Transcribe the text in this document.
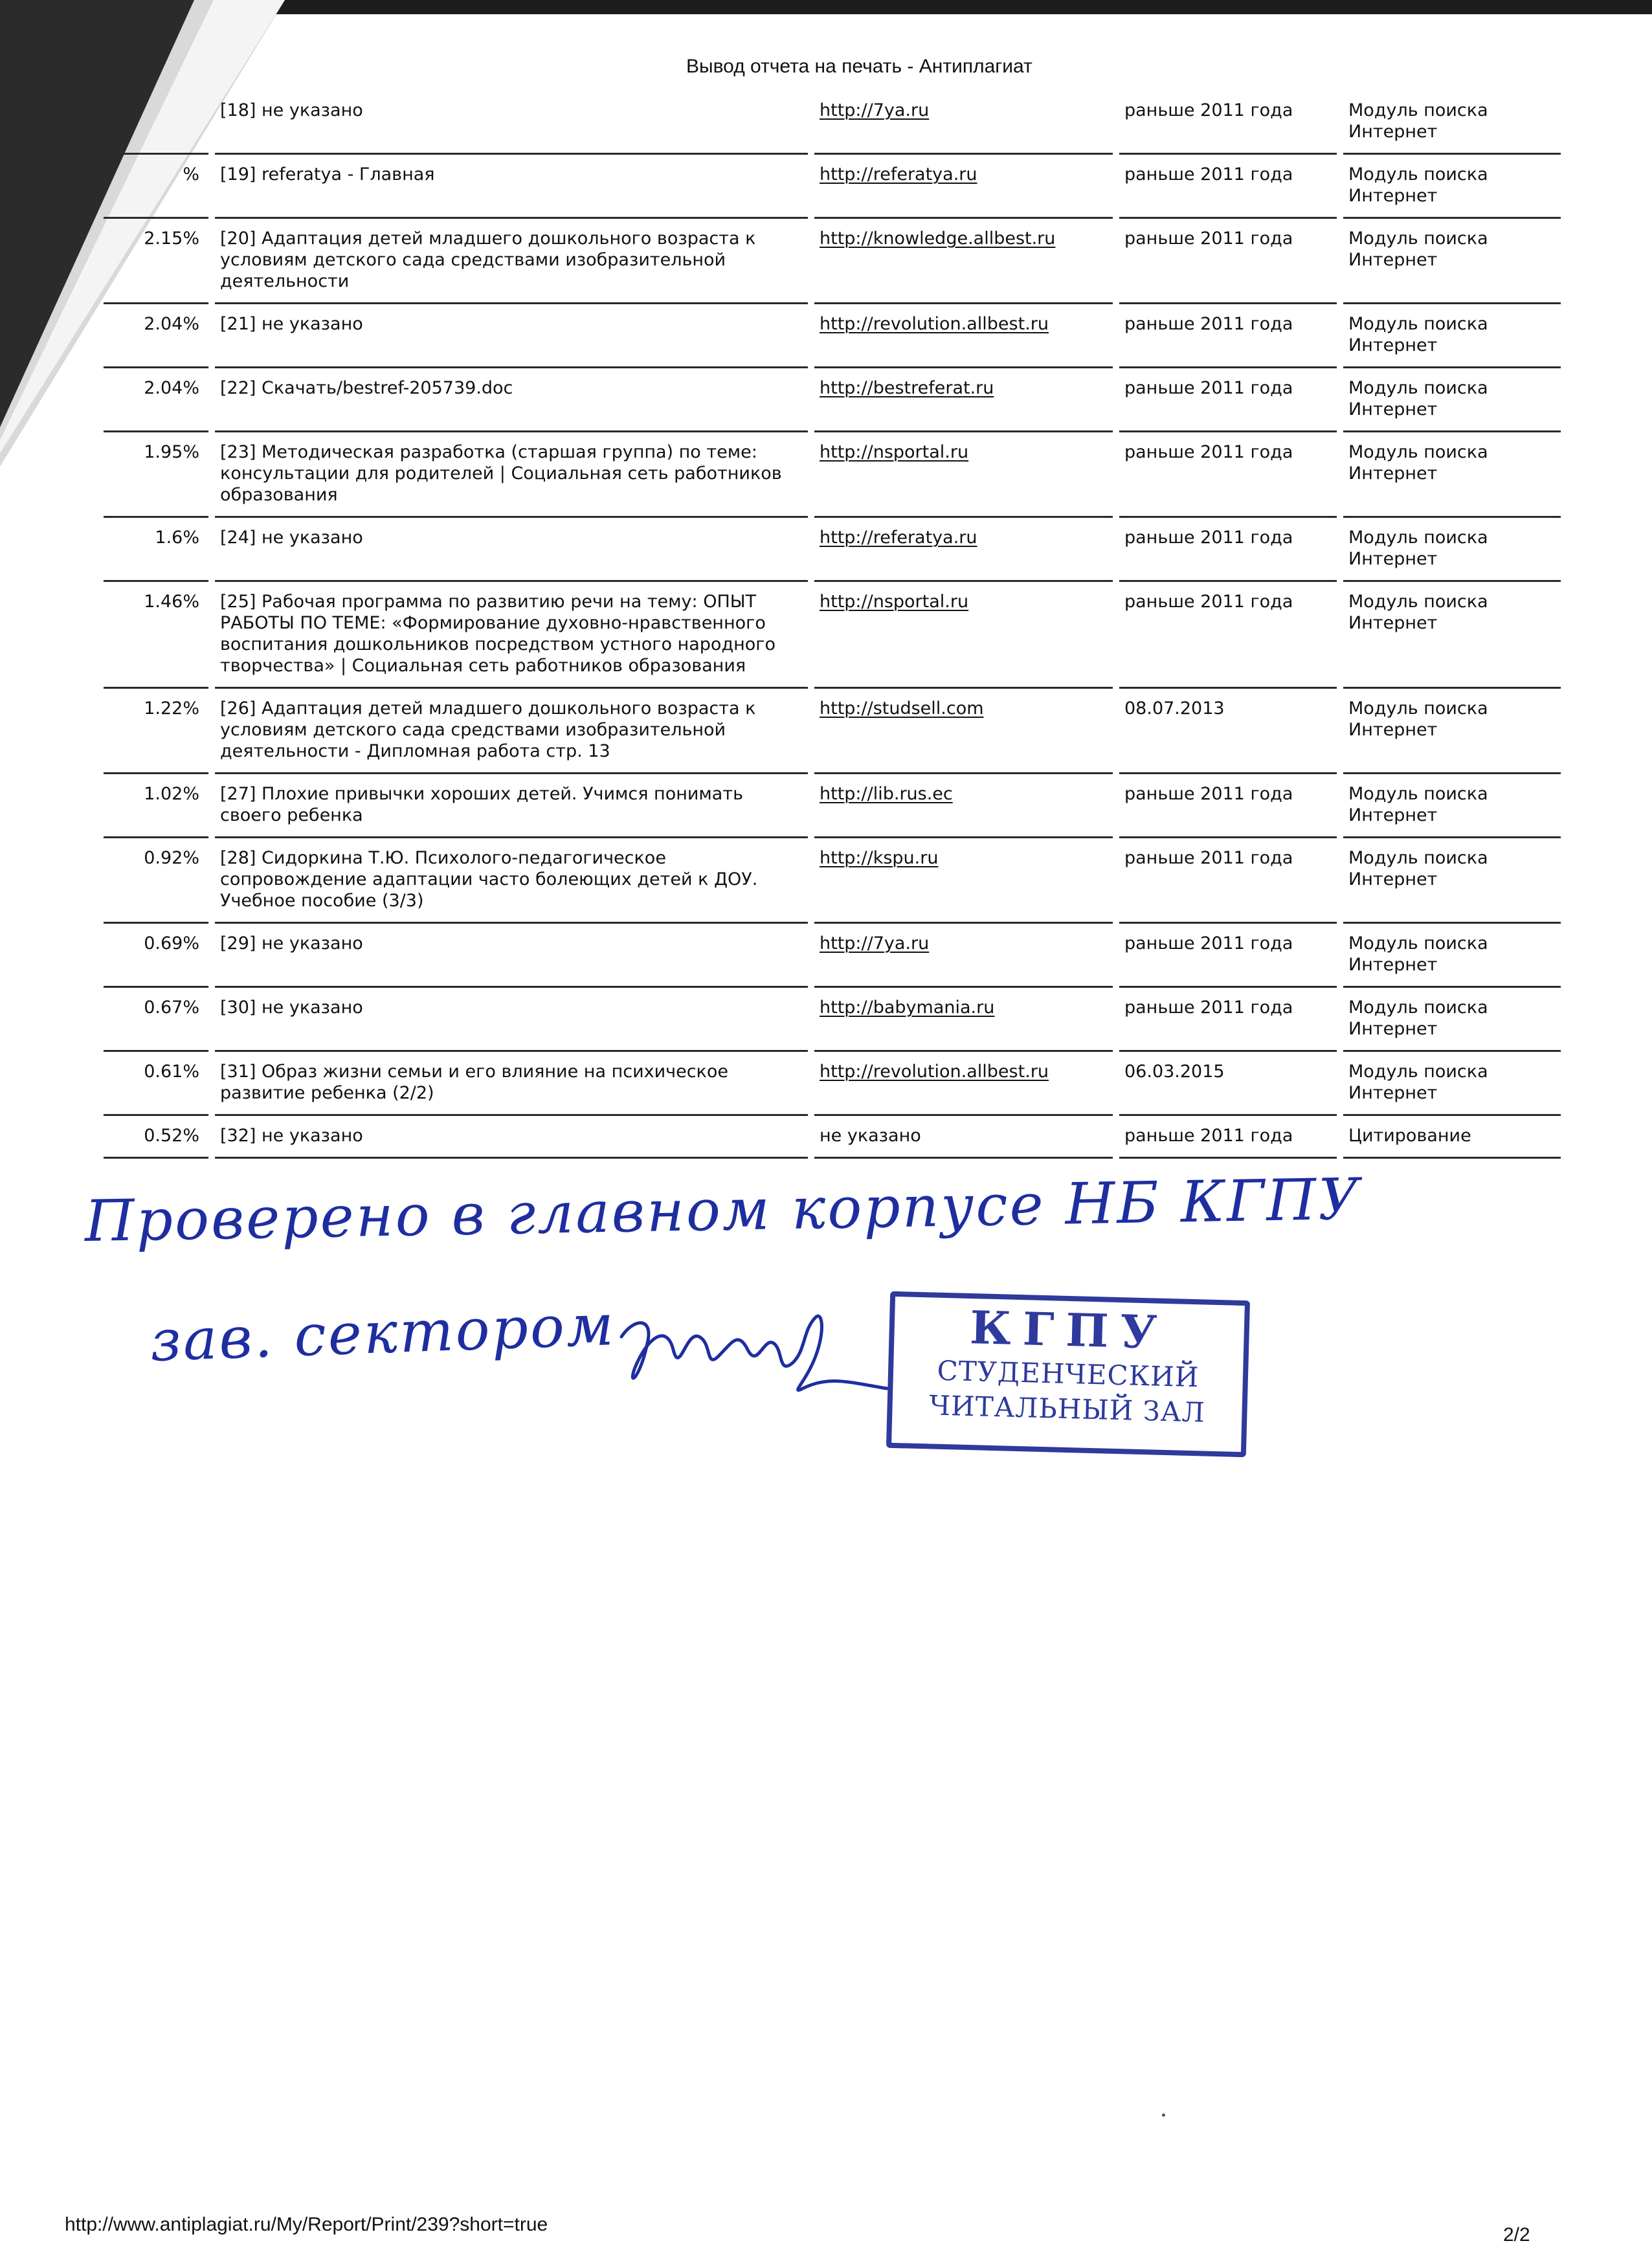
Вывод отчета на печать - Антиплагиат
	[18] не указано	http://7ya.ru	раньше 2011 года	Модуль поиска Интернет
%	[19] referatya - Главная	http://referatya.ru	раньше 2011 года	Модуль поиска Интернет
2.15%	[20] Адаптация детей младшего дошкольного возраста к условиям детского сада средствами изобразительной деятельности	http://knowledge.allbest.ru	раньше 2011 года	Модуль поиска Интернет
2.04%	[21] не указано	http://revolution.allbest.ru	раньше 2011 года	Модуль поиска Интернет
2.04%	[22] Скачать/bestref-205739.doc	http://bestreferat.ru	раньше 2011 года	Модуль поиска Интернет
1.95%	[23] Методическая разработка (старшая группа) по теме: консультации для родителей | Социальная сеть работников образования	http://nsportal.ru	раньше 2011 года	Модуль поиска Интернет
1.6%	[24] не указано	http://referatya.ru	раньше 2011 года	Модуль поиска Интернет
1.46%	[25] Рабочая программа по развитию речи на тему: ОПЫТ РАБОТЫ ПО ТЕМЕ: «Формирование духовно-нравственного воспитания дошкольников посредством устного народного творчества» | Социальная сеть работников образования	http://nsportal.ru	раньше 2011 года	Модуль поиска Интернет
1.22%	[26] Адаптация детей младшего дошкольного возраста к условиям детского сада средствами изобразительной деятельности - Дипломная работа стр. 13	http://studsell.com	08.07.2013	Модуль поиска Интернет
1.02%	[27] Плохие привычки хороших детей. Учимся понимать своего ребенка	http://lib.rus.ec	раньше 2011 года	Модуль поиска Интернет
0.92%	[28] Сидоркина Т.Ю. Психолого-педагогическое сопровождение адаптации часто болеющих детей к ДОУ. Учебное пособие (3/3)	http://kspu.ru	раньше 2011 года	Модуль поиска Интернет
0.69%	[29] не указано	http://7ya.ru	раньше 2011 года	Модуль поиска Интернет
0.67%	[30] не указано	http://babymania.ru	раньше 2011 года	Модуль поиска Интернет
0.61%	[31] Образ жизни семьи и его влияние на психическое развитие ребенка (2/2)	http://revolution.allbest.ru	06.03.2015	Модуль поиска Интернет
0.52%	[32] не указано	не указано	раньше 2011 года	Цитирование
Проверено в главном корпусе НБ КГПУ
зав. сектором	КГПУ
СТУДЕНЧЕСКИЙ
ЧИТАЛЬНЫЙ ЗАЛ
http://www.antiplagiat.ru/My/Report/Print/239?short=true	2/2
